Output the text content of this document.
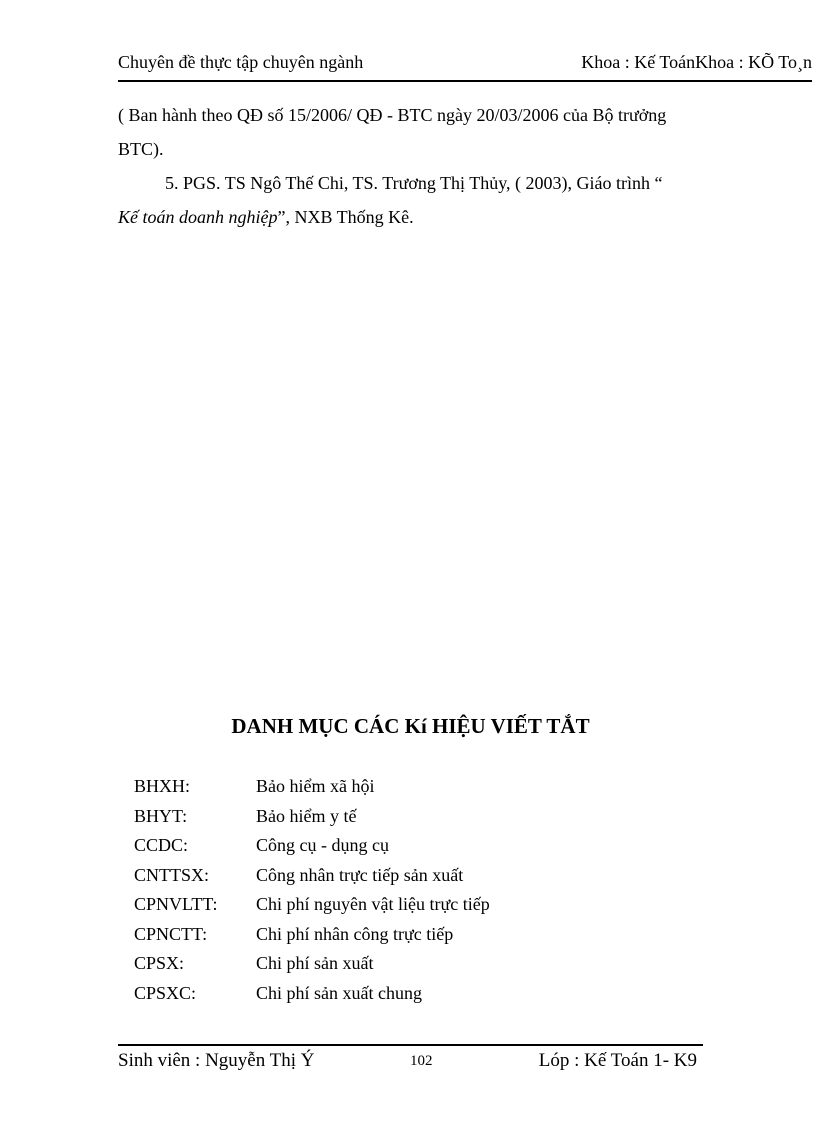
Chuyên đề thực tập chuyên ngành	Khoa : Kế ToánKhoa : KÕ To¸n
( Ban hành theo QĐ số 15/2006/ QĐ - BTC ngày 20/03/2006 của Bộ trưởng
BTC).
5. PGS. TS Ngô Thế Chi, TS. Trương Thị Thủy, ( 2003), Giáo trình “
Kế toán doanh nghiệp”, NXB Thống Kê.
DANH MỤC CÁC Kí HIỆU VIẾT TẮT
BHXH:	Bảo hiểm xã hội
BHYT:	Bảo hiểm y tế
CCDC:	Công cụ - dụng cụ
CNTTSX:	Công nhân trực tiếp sản xuất
CPNVLTT: Chi phí nguyên vật liệu trực tiếp
CPNCTT:	Chi phí nhân công trực tiếp
CPSX:	Chi phí sản xuất
CPSXC:	Chi phí sản xuất chung
Sinh viên : Nguyễn Thị Ý	102	Lóp : Kế Toán 1- K9
